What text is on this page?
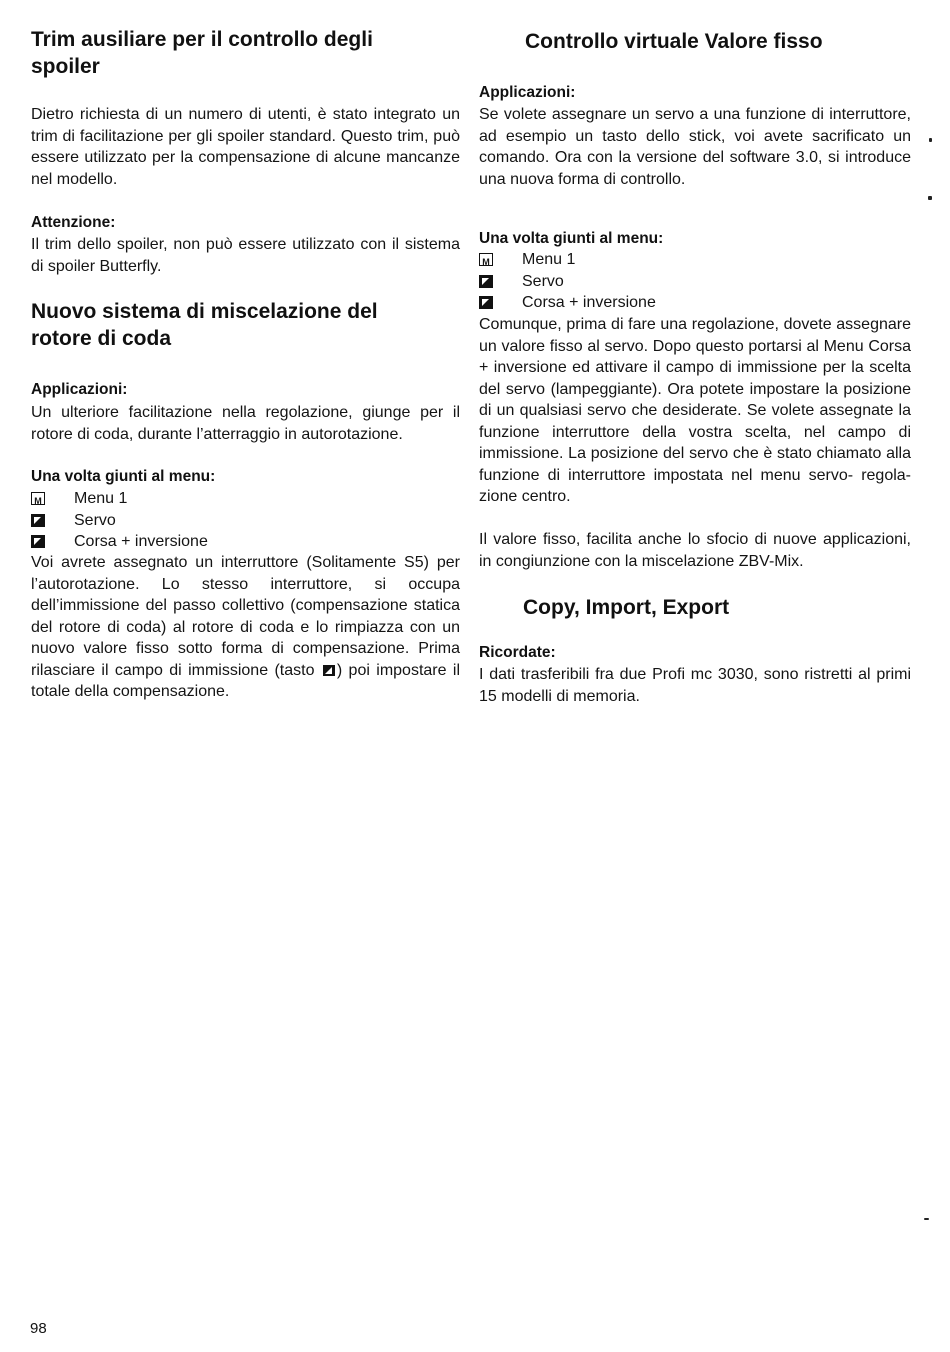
Trim ausiliare per il controllo degli
spoiler

Dietro richiesta di un numero di utenti, è stato integrato un trim di facilitazione per gli spoiler standard. Questo trim, può essere utilizzato per la compensazione di alcune mancanze nel modello.

Attenzione:

Il trim dello spoiler, non può essere utilizzato con il sistema di spoiler Butterfly.

Nuovo sistema di miscelazione del
rotore di coda
Applicazioni:

Un ulteriore facilitazione nella regolazione, giunge per il rotore di coda, durante l’atterraggio in autorotazione.

Una volta giunti al menu:
M
Menu 1
Servo
Corsa + inversione

Voi avrete assegnato un interruttore (Solitamente S5) per l’autorotazione. Lo stesso interruttore, si occupa dell’immissione del passo collettivo (compensazione statica del rotore di coda) al rotore di coda e lo rimpiazza con un nuovo valore fisso sotto forma di compensazione. Prima rilasciare il campo di immissione (tasto ) poi impostare il totale della compensazione.

Controllo virtuale Valore fisso
Applicazioni:

Se volete assegnare un servo a una funzione di interruttore, ad esempio un tasto dello stick, voi avete sacrificato un comando. Ora con la versione del software 3.0, si introduce una nuova forma di controllo.

Una volta giunti al menu:
M
Menu 1
Servo
Corsa + inversione

Comunque, prima di fare una regolazione, dovete assegnare un valore fisso al servo. Dopo questo portarsi al Menu Corsa + inversione ed attivare il campo di immissione per la scelta del servo (lampeggiante). Ora potete impostare la posizione di un qualsiasi servo che desiderate. Se volete assegnate la funzione interruttore della vostra scelta, nel campo di immissione. La posizione del servo che è stato chiamato alla funzione di interruttore impostata nel menu servo- regolazione centro.

Il valore fisso, facilita anche lo sfocio di nuove applicazioni, in congiunzione con la miscelazione ZBV-Mix.

Copy, Import, Export
Ricordate:

I dati trasferibili fra due Profi mc 3030, sono ristretti al primi 15 modelli di memoria.

98
